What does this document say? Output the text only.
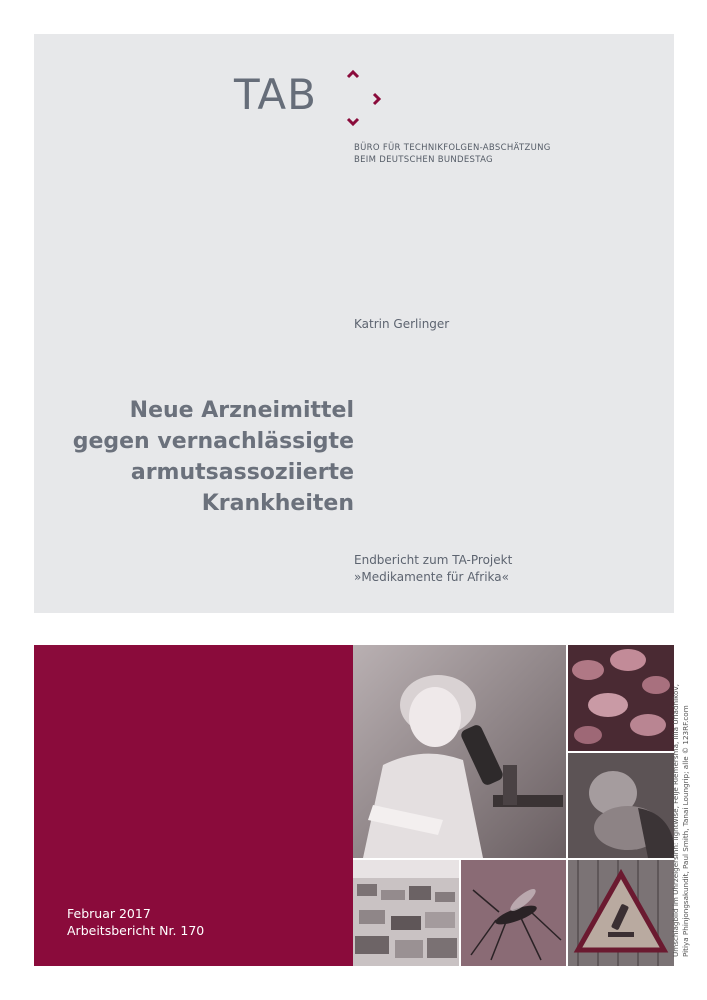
TAB
BÜRO FÜR TECHNIKFOLGEN-ABSCHÄTZUNG
BEIM DEUTSCHEN BUNDESTAG
Katrin Gerlinger
Neue Arzneimittel
gegen vernachlässigte
armutsassoziierte
Krankheiten
Endbericht zum TA-Projekt
»Medikamente für Afrika«
Februar 2017
Arbeitsbericht Nr. 170	Umschlagbild im Uhrzeigersinn: lightwise, Feije Riemersma, Illia Uriadnikov, Pitiya Phinjongsakundit, Paul Smith, Tanai Loungrip; alle © 123RF.com
